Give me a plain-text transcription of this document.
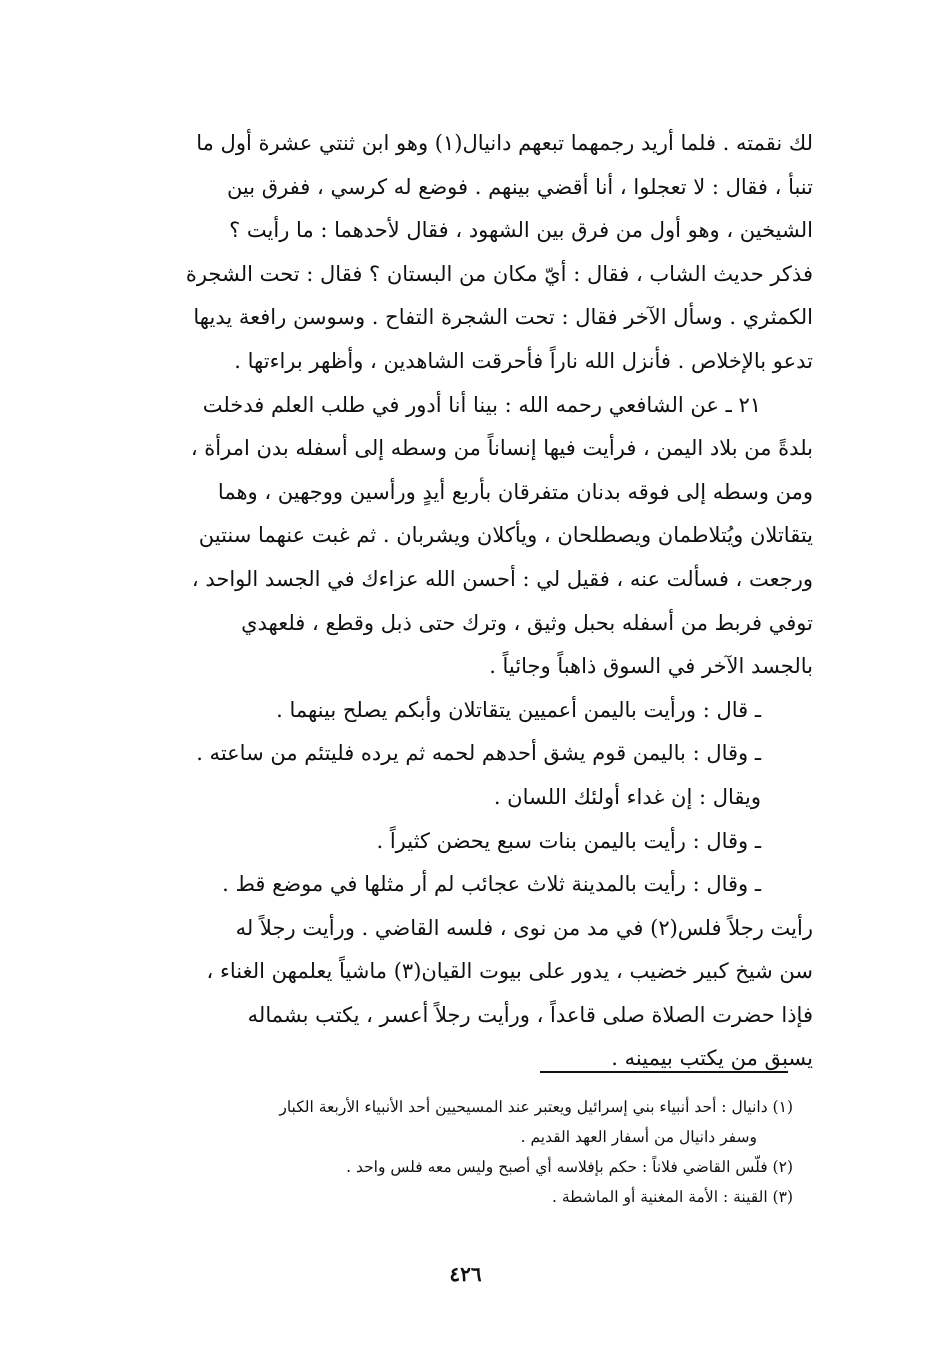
لك نقمته . فلما أريد رجمهما تبعهم دانيال(١) وهو ابن ثنتي عشرة أول ما
تنبأ ، فقال : لا تعجلوا ، أنا أقضي بينهم . فوضع له كرسي ، ففرق بين
الشيخين ، وهو أول من فرق بين الشهود ، فقال لأحدهما : ما رأيت ؟
فذكر حديث الشاب ، فقال : أيّ مكان من البستان ؟ فقال : تحت الشجرة
الكمثري . وسأل الآخر فقال : تحت الشجرة التفاح . وسوسن رافعة يديها
تدعو بالإخلاص . فأنزل الله ناراً فأحرقت الشاهدين ، وأظهر براءتها .
٢١ ـ عن الشافعي رحمه الله : بينا أنا أدور في طلب العلم فدخلت
بلدةً من بلاد اليمن ، فرأيت فيها إنساناً من وسطه إلى أسفله بدن امرأة ،
ومن وسطه إلى فوقه بدنان متفرقان بأربع أيدٍ ورأسين ووجهين ، وهما
يتقاتلان ويُتلاطمان ويصطلحان ، ويأكلان ويشربان . ثم غبت عنهما سنتين
ورجعت ، فسألت عنه ، فقيل لي : أحسن الله عزاءك في الجسد الواحد ،
توفي فربط من أسفله بحبل وثيق ، وترك حتى ذبل وقطع ، فلعهدي
بالجسد الآخر في السوق ذاهباً وجائياً .
ـ قال : ورأيت باليمن أعميين يتقاتلان وأبكم يصلح بينهما .
ـ وقال : باليمن قوم يشق أحدهم لحمه ثم يرده فليتئم من ساعته .
ويقال : إن غداء أولئك اللسان .
ـ وقال : رأيت باليمن بنات سبع يحضن كثيراً .
ـ وقال : رأيت بالمدينة ثلاث عجائب لم أر مثلها في موضع قط .
رأيت رجلاً فلس(٢) في مد من نوى ، فلسه القاضي . ورأيت رجلاً له
سن شيخ كبير خضيب ، يدور على بيوت القيان(٣) ماشياً يعلمهن الغناء ،
فإذا حضرت الصلاة صلى قاعداً ، ورأيت رجلاً أعسر ، يكتب بشماله
يسبق من يكتب بيمينه .
(١) دانيال : أحد أنبياء بني إسرائيل ويعتبر عند المسيحيين أحد الأنبياء الأربعة الكبار
وسفر دانيال من أسفار العهد القديم .
(٢) فلّس القاضي فلاناً : حكم بإفلاسه أي أصبح وليس معه فلس واحد .
(٣) القينة : الأمة المغنية أو الماشطة .
٤٢٦
